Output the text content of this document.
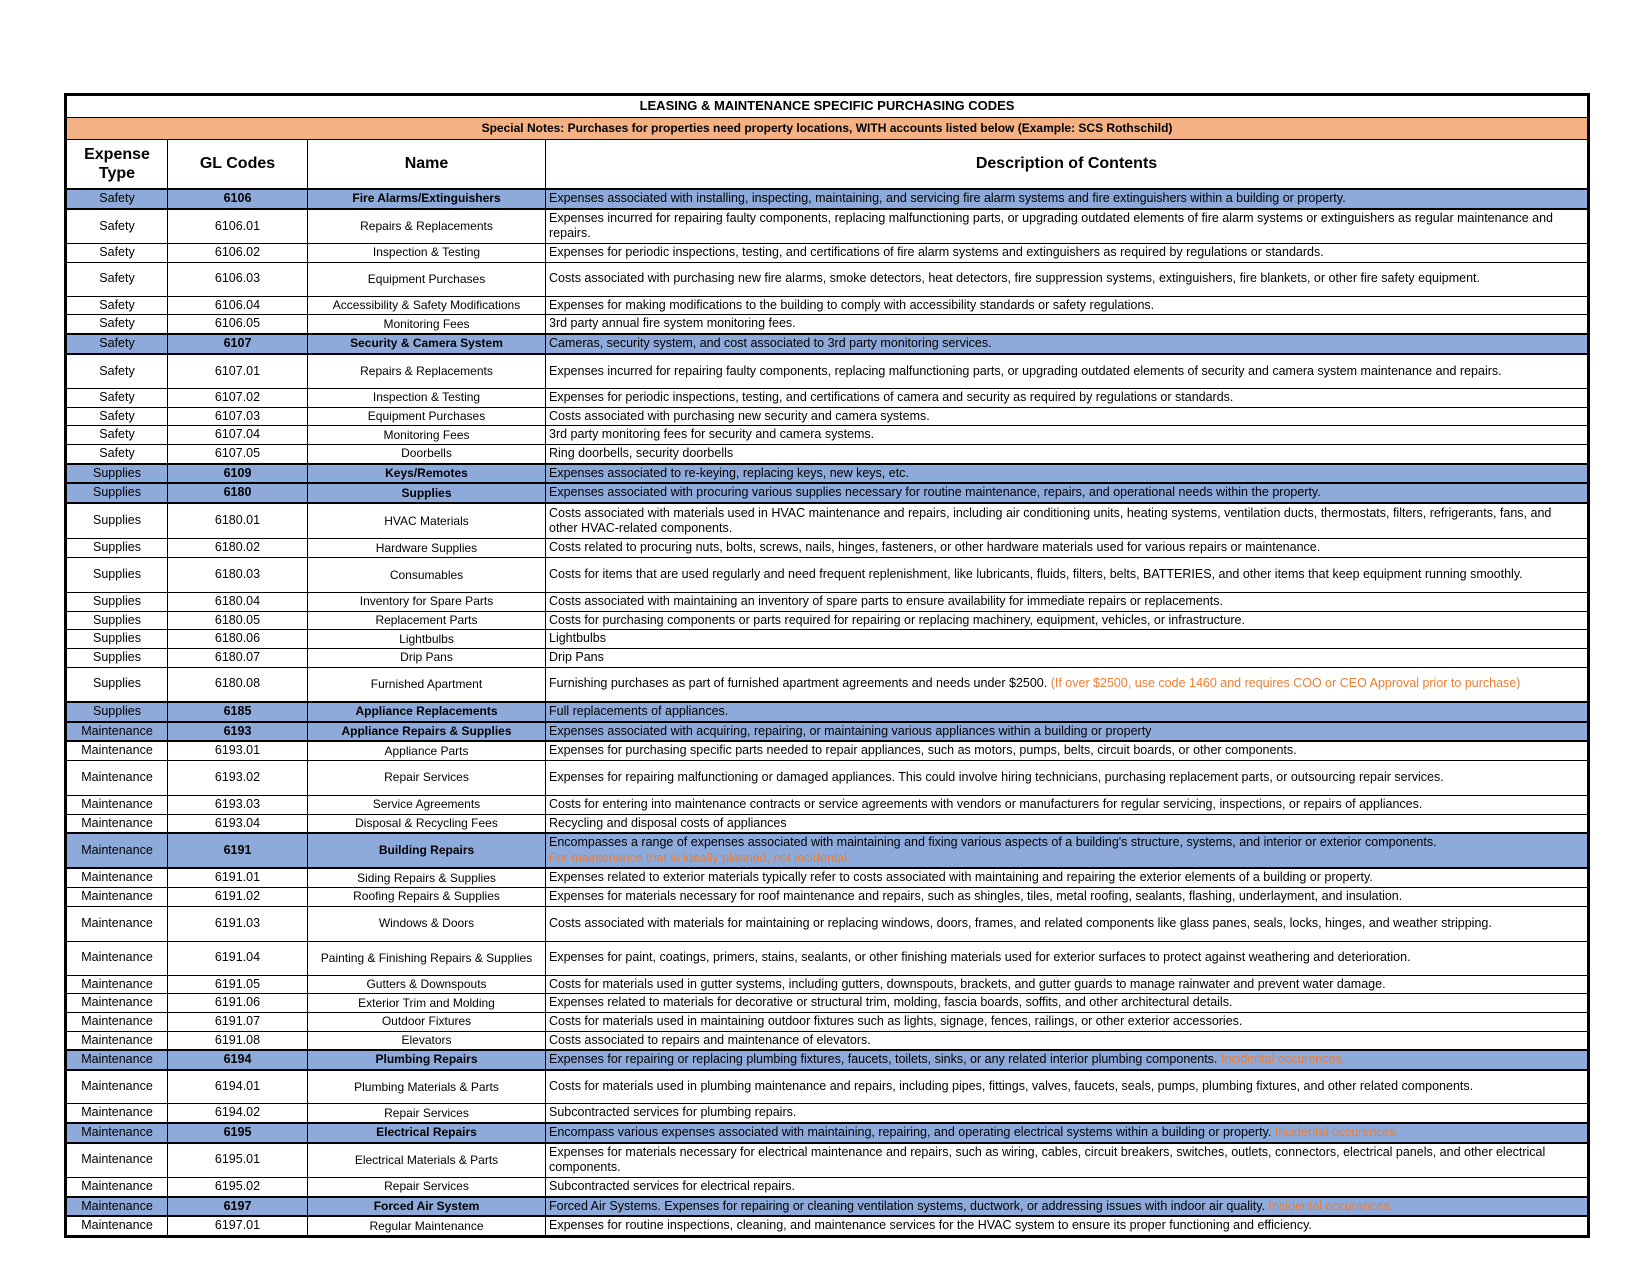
LEASING & MAINTENANCE SPECIFIC PURCHASING CODES			
Special Notes: Purchases for properties need property locations, WITH accounts listed below (Example: SCS Rothschild)			
Expense Type	GL Codes	Name	Description of Contents
Safety	6106	Fire Alarms/Extinguishers	Expenses associated with installing, inspecting, maintaining, and servicing fire alarm systems and fire extinguishers within a building or property.
Safety	6106.01	Repairs & Replacements	Expenses incurred for repairing faulty components, replacing malfunctioning parts, or upgrading outdated elements of fire alarm systems or extinguishers as regular maintenance and repairs.
Safety	6106.02	Inspection & Testing	Expenses for periodic inspections, testing, and certifications of fire alarm systems and extinguishers as required by regulations or standards.
Safety	6106.03	Equipment Purchases	Costs associated with purchasing new fire alarms, smoke detectors, heat detectors, fire suppression systems, extinguishers, fire blankets, or other fire safety equipment.
Safety	6106.04	Accessibility & Safety Modifications	Expenses for making modifications to the building to comply with accessibility standards or safety regulations.
Safety	6106.05	Monitoring Fees	3rd party annual fire system monitoring fees.
Safety	6107	Security & Camera System	Cameras, security system, and cost associated to 3rd party monitoring services.
Safety	6107.01	Repairs & Replacements	Expenses incurred for repairing faulty components, replacing malfunctioning parts, or upgrading outdated elements of security and camera system maintenance and repairs.
Safety	6107.02	Inspection & Testing	Expenses for periodic inspections, testing, and certifications of camera and security as required by regulations or standards.
Safety	6107.03	Equipment Purchases	Costs associated with purchasing new security and camera systems.
Safety	6107.04	Monitoring Fees	3rd party monitoring fees for security and camera systems.
Safety	6107.05	Doorbells	Ring doorbells, security doorbells
Supplies	6109	Keys/Remotes	Expenses associated to re-keying, replacing keys, new keys, etc.
Supplies	6180	Supplies	Expenses associated with procuring various supplies necessary for routine maintenance, repairs, and operational needs within the property.
Supplies	6180.01	HVAC Materials	Costs associated with materials used in HVAC maintenance and repairs, including air conditioning units, heating systems, ventilation ducts, thermostats, filters, refrigerants, fans, and other HVAC-related components.
Supplies	6180.02	Hardware Supplies	Costs related to procuring nuts, bolts, screws, nails, hinges, fasteners, or other hardware materials used for various repairs or maintenance.
Supplies	6180.03	Consumables	Costs for items that are used regularly and need frequent replenishment, like lubricants, fluids, filters, belts, BATTERIES, and other items that keep equipment running smoothly.
Supplies	6180.04	Inventory for Spare Parts	Costs associated with maintaining an inventory of spare parts to ensure availability for immediate repairs or replacements.
Supplies	6180.05	Replacement Parts	Costs for purchasing components or parts required for repairing or replacing machinery, equipment, vehicles, or infrastructure.
Supplies	6180.06	Lightbulbs	Lightbulbs
Supplies	6180.07	Drip Pans	Drip Pans
Supplies	6180.08	Furnished Apartment	Furnishing purchases as part of furnished apartment agreements and needs under $2500. (If over $2500, use code 1460 and requires COO or CEO Approval prior to purchase)
Supplies	6185	Appliance Replacements	Full replacements of appliances.
Maintenance	6193	Appliance Repairs & Supplies	Expenses associated with acquiring, repairing, or maintaining various appliances within a building or property
Maintenance	6193.01	Appliance Parts	Expenses for purchasing specific parts needed to repair appliances, such as motors, pumps, belts, circuit boards, or other components.
Maintenance	6193.02	Repair Services	Expenses for repairing malfunctioning or damaged appliances. This could involve hiring technicians, purchasing replacement parts, or outsourcing repair services.
Maintenance	6193.03	Service Agreements	Costs for entering into maintenance contracts or service agreements with vendors or manufacturers for regular servicing, inspections, or repairs of appliances.
Maintenance	6193.04	Disposal & Recycling Fees	Recycling and disposal costs of appliances
Maintenance	6191	Building Repairs	Encompasses a range of expenses associated with maintaining and fixing various aspects of a building's structure, systems, and interior or exterior components.
For maintenance that is ideally planned, not incidental.

Maintenance	6191.01	Siding Repairs & Supplies	Expenses related to exterior materials typically refer to costs associated with maintaining and repairing the exterior elements of a building or property.
Maintenance	6191.02	Roofing Repairs & Supplies	Expenses for materials necessary for roof maintenance and repairs, such as shingles, tiles, metal roofing, sealants, flashing, underlayment, and insulation.
Maintenance	6191.03	Windows & Doors	Costs associated with materials for maintaining or replacing windows, doors, frames, and related components like glass panes, seals, locks, hinges, and weather stripping.
Maintenance	6191.04	Painting & Finishing Repairs & Supplies	Expenses for paint, coatings, primers, stains, sealants, or other finishing materials used for exterior surfaces to protect against weathering and deterioration.
Maintenance	6191.05	Gutters & Downspouts	Costs for materials used in gutter systems, including gutters, downspouts, brackets, and gutter guards to manage rainwater and prevent water damage.
Maintenance	6191.06	Exterior Trim and Molding	Expenses related to materials for decorative or structural trim, molding, fascia boards, soffits, and other architectural details.
Maintenance	6191.07	Outdoor Fixtures	Costs for materials used in maintaining outdoor fixtures such as lights, signage, fences, railings, or other exterior accessories.
Maintenance	6191.08	Elevators	Costs associated to repairs and maintenance of elevators.
Maintenance	6194	Plumbing Repairs	Expenses for repairing or replacing plumbing fixtures, faucets, toilets, sinks, or any related interior plumbing components. Incidental occurences.
Maintenance	6194.01	Plumbing Materials & Parts	Costs for materials used in plumbing maintenance and repairs, including pipes, fittings, valves, faucets, seals, pumps, plumbing fixtures, and other related components.
Maintenance	6194.02	Repair Services	Subcontracted services for plumbing repairs.
Maintenance	6195	Electrical Repairs	Encompass various expenses associated with maintaining, repairing, and operating electrical systems within a building or property. Incidental occurences.
Maintenance	6195.01	Electrical Materials & Parts	Expenses for materials necessary for electrical maintenance and repairs, such as wiring, cables, circuit breakers, switches, outlets, connectors, electrical panels, and other electrical components.
Maintenance	6195.02	Repair Services	Subcontracted services for electrical repairs.
Maintenance	6197	Forced Air System	Forced Air Systems. Expenses for repairing or cleaning ventilation systems, ductwork, or addressing issues with indoor air quality. Incidental occurences.
Maintenance	6197.01	Regular Maintenance	Expenses for routine inspections, cleaning, and maintenance services for the HVAC system to ensure its proper functioning and efficiency.
